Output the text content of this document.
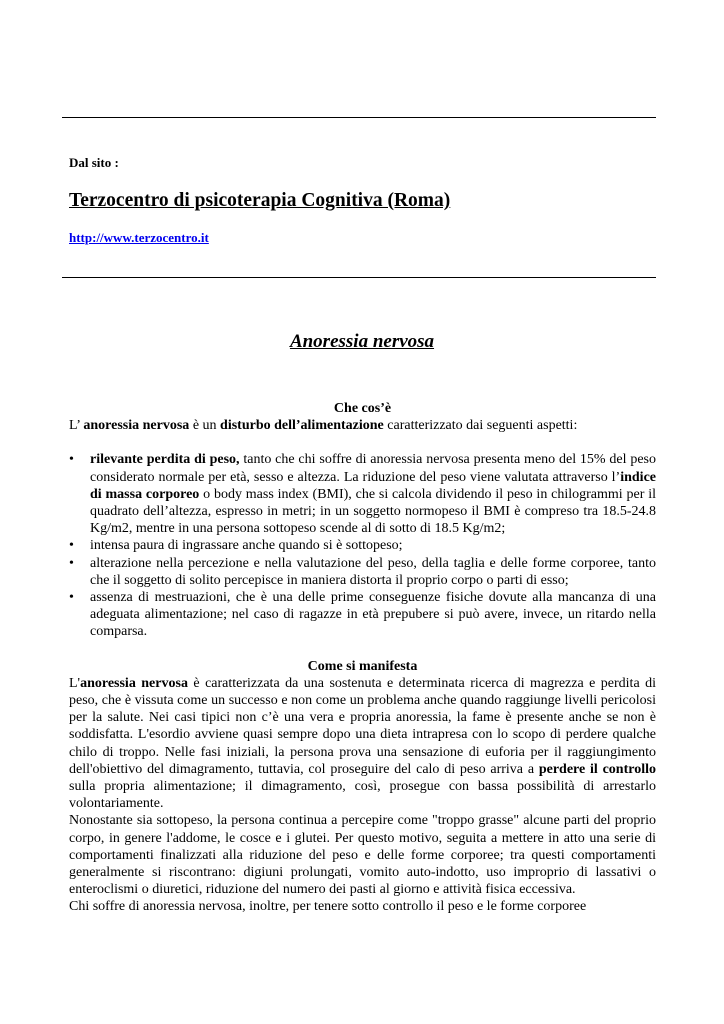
Dal sito :
Terzocentro di psicoterapia Cognitiva (Roma)
http://www.terzocentro.it
Anoressia nervosa
Che cos’è

L’ anoressia nervosa è un disturbo dell’alimentazione caratterizzato dai seguenti aspetti:

•	rilevante perdita di peso, tanto che chi soffre di anoressia nervosa presenta meno del 15% del peso considerato normale per età, sesso e altezza. La riduzione del peso viene valutata attraverso l’indice di massa corporeo o body mass index (BMI), che si calcola dividendo il peso in chilogrammi per il quadrato dell’altezza, espresso in metri; in un soggetto normopeso il BMI è compreso tra 18.5-24.8 Kg/m2, mentre in una persona sottopeso scende al di sotto di 18.5 Kg/m2;
•	intensa paura di ingrassare anche quando si è sottopeso;
•	alterazione nella percezione e nella valutazione del peso, della taglia e delle forme corporee, tanto che il soggetto di solito percepisce in maniera distorta il proprio corpo o parti di esso;
•	assenza di mestruazioni, che è una delle prime conseguenze fisiche dovute alla mancanza di una adeguata alimentazione; nel caso di ragazze in età prepubere si può avere, invece, un ritardo nella comparsa.
Come si manifesta

L'anoressia nervosa è caratterizzata da una sostenuta e determinata ricerca di magrezza e perdita di peso, che è vissuta come un successo e non come un problema anche quando raggiunge livelli pericolosi per la salute. Nei casi tipici non c’è una vera e propria anoressia, la fame è presente anche se non è soddisfatta. L'esordio avviene quasi sempre dopo una dieta intrapresa con lo scopo di perdere qualche chilo di troppo. Nelle fasi iniziali, la persona prova una sensazione di euforia per il raggiungimento dell'obiettivo del dimagramento, tuttavia, col proseguire del calo di peso arriva a perdere il controllo sulla propria alimentazione; il dimagramento, così, prosegue con bassa possibilità di arrestarlo volontariamente.

Nonostante sia sottopeso, la persona continua a percepire come "troppo grasse" alcune parti del proprio corpo, in genere l'addome, le cosce e i glutei. Per questo motivo, seguita a mettere in atto una serie di comportamenti finalizzati alla riduzione del peso e delle forme corporee; tra questi comportamenti generalmente si riscontrano: digiuni prolungati, vomito auto-indotto, uso improprio di lassativi o enteroclismi o diuretici, riduzione del numero dei pasti al giorno e attività fisica eccessiva.

Chi soffre di anoressia nervosa, inoltre, per tenere sotto controllo il peso e le forme corporee
